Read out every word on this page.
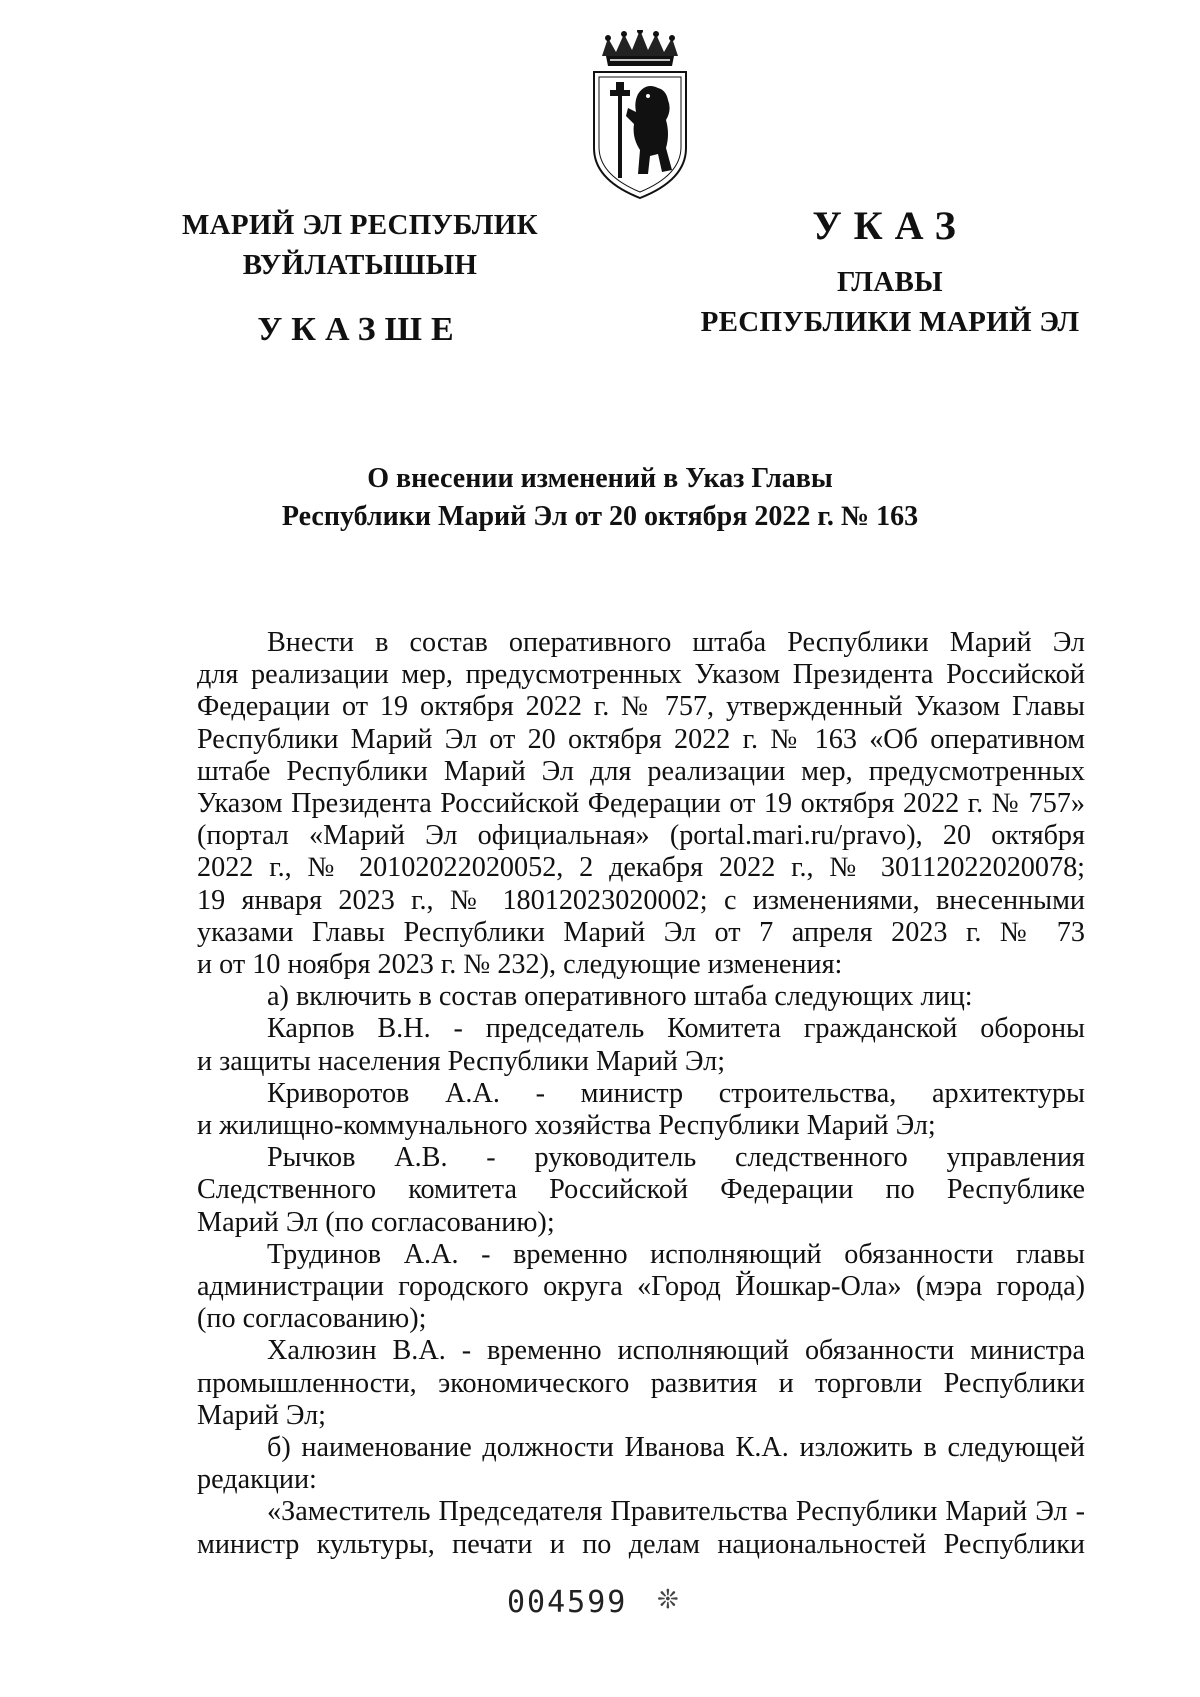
МАРИЙ ЭЛ РЕСПУБЛИК
ВУЙЛАТЫШЫН
УКАЗШЕ
УКАЗ
ГЛАВЫ
РЕСПУБЛИКИ МАРИЙ ЭЛ
О внесении изменений в Указ Главы
Республики Марий Эл от 20 октября 2022 г. № 163

Внести в состав оперативного штаба Республики Марий Эл

для реализации мер, предусмотренных Указом Президента Российской

Федерации от 19 октября 2022 г. № 757, утвержденный Указом Главы

Республики Марий Эл от 20 октября 2022 г. № 163 «Об оперативном

штабе Республики Марий Эл для реализации мер, предусмотренных

Указом Президента Российской Федерации от 19 октября 2022 г. № 757»

(портал «Марий Эл официальная» (portal.mari.ru/pravo), 20 октября

2022 г., № 20102022020052, 2 декабря 2022 г., № 30112022020078;

19 января 2023 г., № 18012023020002; с изменениями, внесенными

указами Главы Республики Марий Эл от 7 апреля 2023 г. № 73

и от 10 ноября 2023 г. № 232), следующие изменения:

а) включить в состав оперативного штаба следующих лиц:

Карпов В.Н. - председатель Комитета гражданской обороны

и защиты населения Республики Марий Эл;

Криворотов А.А. - министр строительства, архитектуры

и жилищно-коммунального хозяйства Республики Марий Эл;

Рычков А.В. - руководитель следственного управления

Следственного комитета Российской Федерации по Республике

Марий Эл (по согласованию);

Трудинов А.А. - временно исполняющий обязанности главы

администрации городского округа «Город Йошкар-Ола» (мэра города)

(по согласованию);

Халюзин В.А. - временно исполняющий обязанности министра

промышленности, экономического развития и торговли Республики

Марий Эл;

б) наименование должности Иванова К.А. изложить в следующей

редакции:

«Заместитель Председателя Правительства Республики Марий Эл -

министр культуры, печати и по делам национальностей Республики

004599 ❊
